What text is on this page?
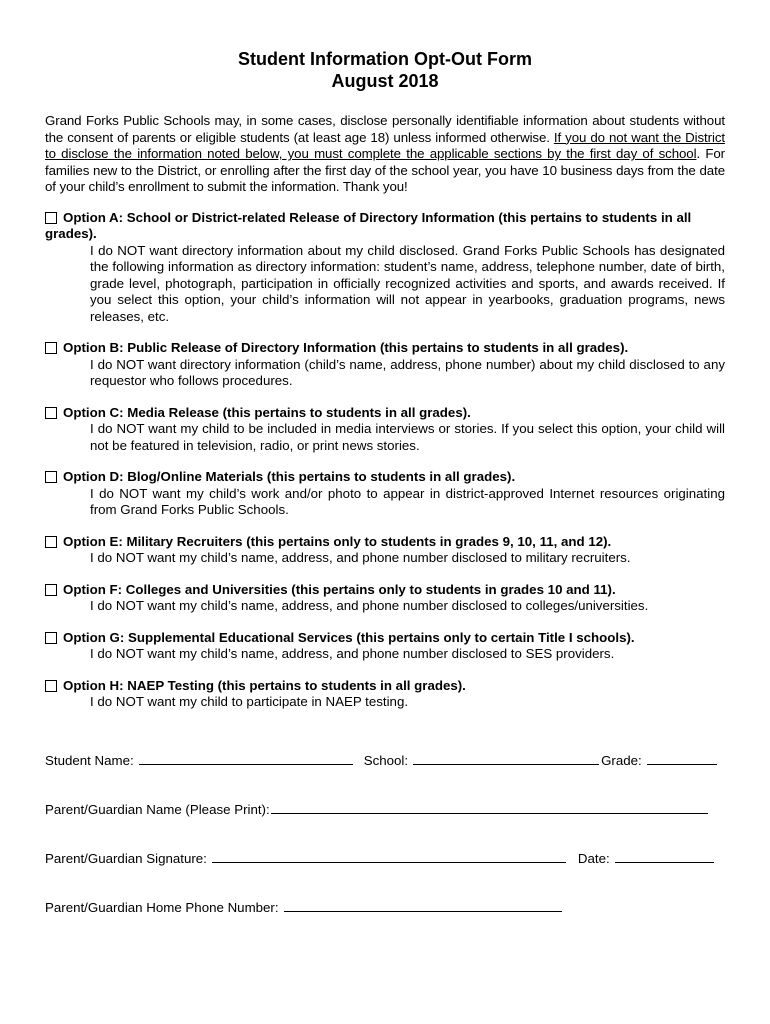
Student Information Opt-Out Form
August 2018

Grand Forks Public Schools may, in some cases, disclose personally identifiable information about students without the consent of parents or eligible students (at least age 18) unless informed otherwise. If you do not want the District to disclose the information noted below, you must complete the applicable sections by the first day of school. For families new to the District, or enrolling after the first day of the school year, you have 10 business days from the date of your child’s enrollment to submit the information. Thank you!

Option A: School or District-related Release of Directory Information (this pertains to students in all grades).
I do NOT want directory information about my child disclosed. Grand Forks Public Schools has designated the following information as directory information: student’s name, address, telephone number, date of birth, grade level, photograph, participation in officially recognized activities and sports, and awards received. If you select this option, your child’s information will not appear in yearbooks, graduation programs, news releases, etc.
Option B: Public Release of Directory Information (this pertains to students in all grades).
I do NOT want directory information (child’s name, address, phone number) about my child disclosed to any requestor who follows procedures.
Option C: Media Release (this pertains to students in all grades).
I do NOT want my child to be included in media interviews or stories. If you select this option, your child will not be featured in television, radio, or print news stories.
Option D: Blog/Online Materials (this pertains to students in all grades).
I do NOT want my child’s work and/or photo to appear in district-approved Internet resources originating from Grand Forks Public Schools.
Option E: Military Recruiters (this pertains only to students in grades 9, 10, 11, and 12).
I do NOT want my child’s name, address, and phone number disclosed to military recruiters.
Option F: Colleges and Universities (this pertains only to students in grades 10 and 11).
I do NOT want my child’s name, address, and phone number disclosed to colleges/universities.
Option G: Supplemental Educational Services (this pertains only to certain Title I schools).
I do NOT want my child’s name, address, and phone number disclosed to SES providers.
Option H: NAEP Testing (this pertains to students in all grades).
I do NOT want my child to participate in NAEP testing.
Student Name:	School:	Grade:
Parent/Guardian Name (Please Print):
Parent/Guardian Signature:	Date:
Parent/Guardian Home Phone Number:
